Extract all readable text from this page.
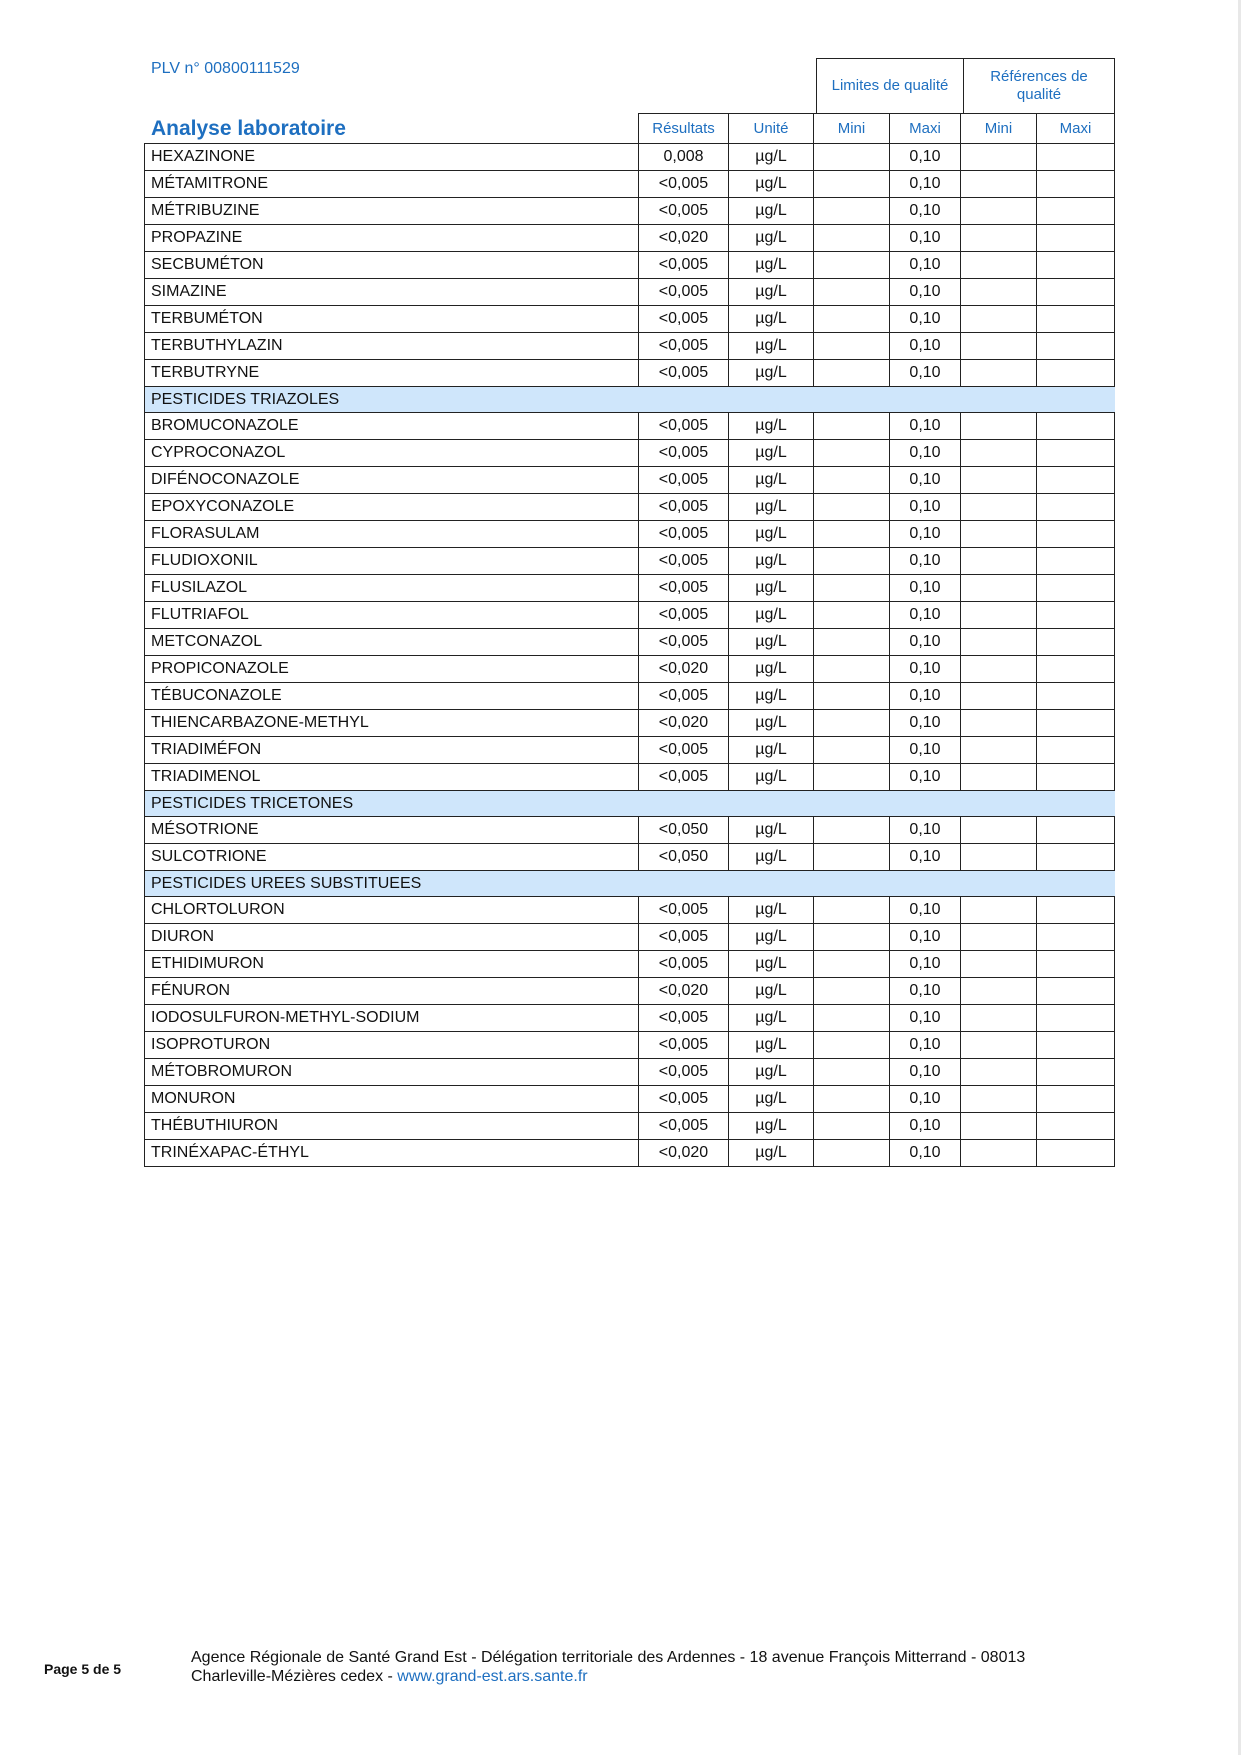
PLV n° 00800111529
Limites de qualité
Références de qualité
Analyse laboratoire
		Résultats	Unité	Mini	Maxi	Mini	Maxi
HEXAZINONE	0,008	µg/L		0,10		
MÉTAMITRONE	<0,005	µg/L		0,10		
MÉTRIBUZINE	<0,005	µg/L		0,10		
PROPAZINE	<0,020	µg/L		0,10		
SECBUMÉTON	<0,005	µg/L		0,10		
SIMAZINE	<0,005	µg/L		0,10		
TERBUMÉTON	<0,005	µg/L		0,10		
TERBUTHYLAZIN	<0,005	µg/L		0,10		
TERBUTRYNE	<0,005	µg/L		0,10		
PESTICIDES TRIAZOLES						
BROMUCONAZOLE	<0,005	µg/L		0,10		
CYPROCONAZOL	<0,005	µg/L		0,10		
DIFÉNOCONAZOLE	<0,005	µg/L		0,10		
EPOXYCONAZOLE	<0,005	µg/L		0,10		
FLORASULAM	<0,005	µg/L		0,10		
FLUDIOXONIL	<0,005	µg/L		0,10		
FLUSILAZOL	<0,005	µg/L		0,10		
FLUTRIAFOL	<0,005	µg/L		0,10		
METCONAZOL	<0,005	µg/L		0,10		
PROPICONAZOLE	<0,020	µg/L		0,10		
TÉBUCONAZOLE	<0,005	µg/L		0,10		
THIENCARBAZONE-METHYL	<0,020	µg/L		0,10		
TRIADIMÉFON	<0,005	µg/L		0,10		
TRIADIMENOL	<0,005	µg/L		0,10		
PESTICIDES TRICETONES						
MÉSOTRIONE	<0,050	µg/L		0,10		
SULCOTRIONE	<0,050	µg/L		0,10		
PESTICIDES UREES SUBSTITUEES						
CHLORTOLURON	<0,005	µg/L		0,10		
DIURON	<0,005	µg/L		0,10		
ETHIDIMURON	<0,005	µg/L		0,10		
FÉNURON	<0,020	µg/L		0,10		
IODOSULFURON-METHYL-SODIUM	<0,005	µg/L		0,10		
ISOPROTURON	<0,005	µg/L		0,10		
MÉTOBROMURON	<0,005	µg/L		0,10		
MONURON	<0,005	µg/L		0,10		
THÉBUTHIURON	<0,005	µg/L		0,10		
TRINÉXAPAC-ÉTHYL	<0,020	µg/L		0,10		
Page 5 de 5
Agence Régionale de Santé Grand Est - Délégation territoriale des Ardennes - 18 avenue François Mitterrand - 08013
Charleville-Mézières cedex - www.grand-est.ars.sante.fr
